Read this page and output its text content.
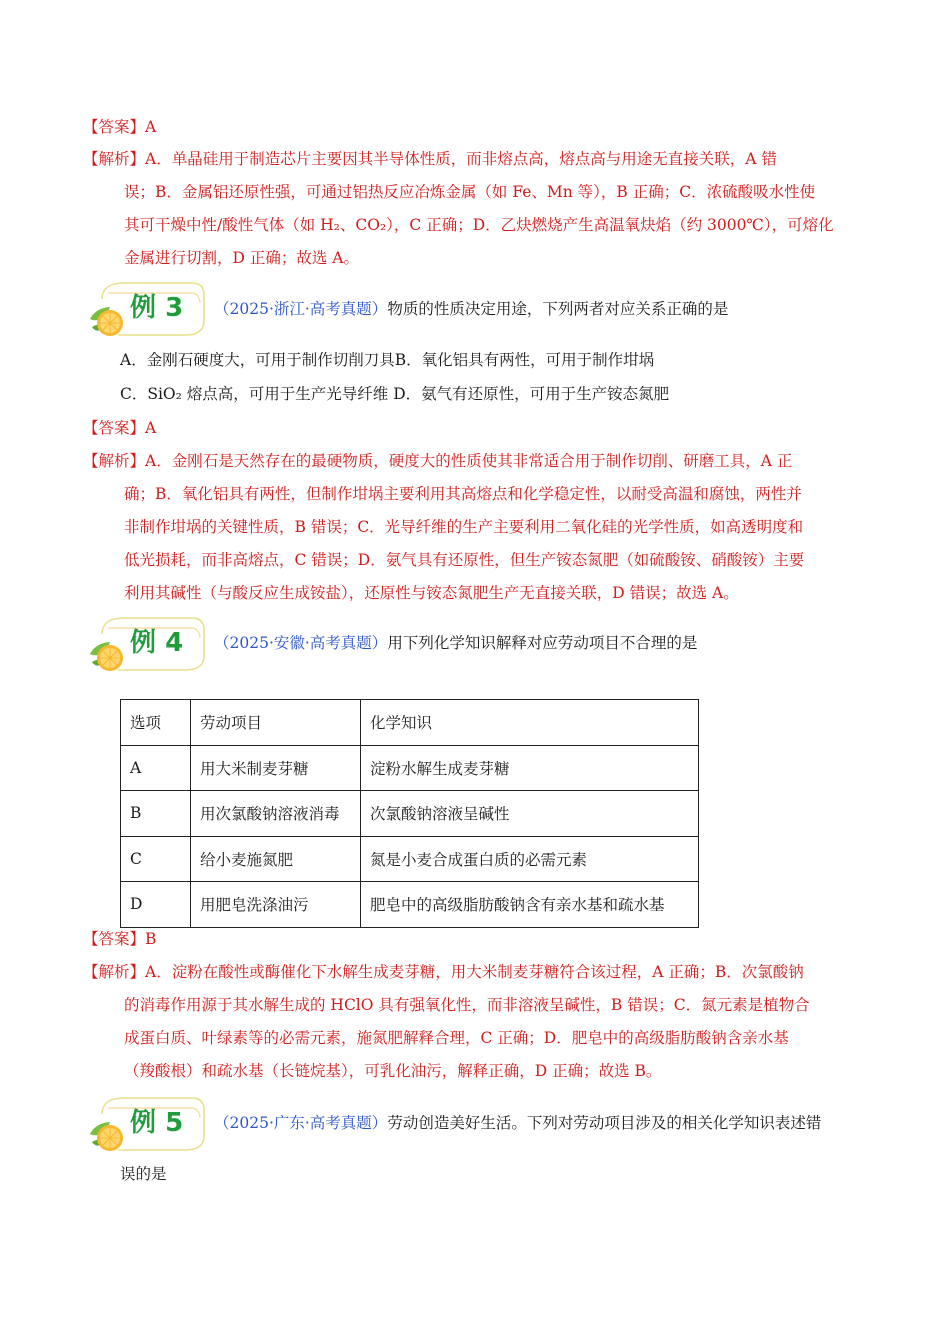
【答案】A
【解析】A．单晶硅用于制造芯片主要因其半导体性质，而非熔点高，熔点高与用途无直接关联，A 错
误；B．金属铝还原性强，可通过铝热反应冶炼金属（如 Fe、Mn 等），B 正确；C．浓硫酸吸水性使
其可干燥中性/酸性气体（如 H₂、CO₂），C 正确；D．乙炔燃烧产生高温氧炔焰（约 3000℃），可熔化
金属进行切割，D 正确；故选 A。
例 3 （2025·浙江·高考真题）物质的性质决定用途，下列两者对应关系正确的是
A．金刚石硬度大，可用于制作切削刀具B．氧化铝具有两性，可用于制作坩埚
C．SiO₂ 熔点高，可用于生产光导纤维 D．氨气有还原性，可用于生产铵态氮肥
【答案】A
【解析】A．金刚石是天然存在的最硬物质，硬度大的性质使其非常适合用于制作切削、研磨工具，A 正
确；B．氧化铝具有两性，但制作坩埚主要利用其高熔点和化学稳定性，以耐受高温和腐蚀，两性并
非制作坩埚的关键性质，B 错误；C．光导纤维的生产主要利用二氧化硅的光学性质，如高透明度和
低光损耗，而非高熔点，C 错误；D．氨气具有还原性，但生产铵态氮肥（如硫酸铵、硝酸铵）主要
利用其碱性（与酸反应生成铵盐），还原性与铵态氮肥生产无直接关联，D 错误；故选 A。
例 4 （2025·安徽·高考真题）用下列化学知识解释对应劳动项目不合理的是
选项	劳动项目	化学知识
A	用大米制麦芽糖	淀粉水解生成麦芽糖
B	用次氯酸钠溶液消毒	次氯酸钠溶液呈碱性
C	给小麦施氮肥	氮是小麦合成蛋白质的必需元素
D	用肥皂洗涤油污	肥皂中的高级脂肪酸钠含有亲水基和疏水基
【答案】B
【解析】A．淀粉在酸性或酶催化下水解生成麦芽糖，用大米制麦芽糖符合该过程，A 正确；B．次氯酸钠
的消毒作用源于其水解生成的 HClO 具有强氧化性，而非溶液呈碱性，B 错误；C．氮元素是植物合
成蛋白质、叶绿素等的必需元素，施氮肥解释合理，C 正确；D．肥皂中的高级脂肪酸钠含亲水基
（羧酸根）和疏水基（长链烷基），可乳化油污，解释正确，D 正确；故选 B。
例 5 （2025·广东·高考真题）劳动创造美好生活。下列对劳动项目涉及的相关化学知识表述错
误的是
